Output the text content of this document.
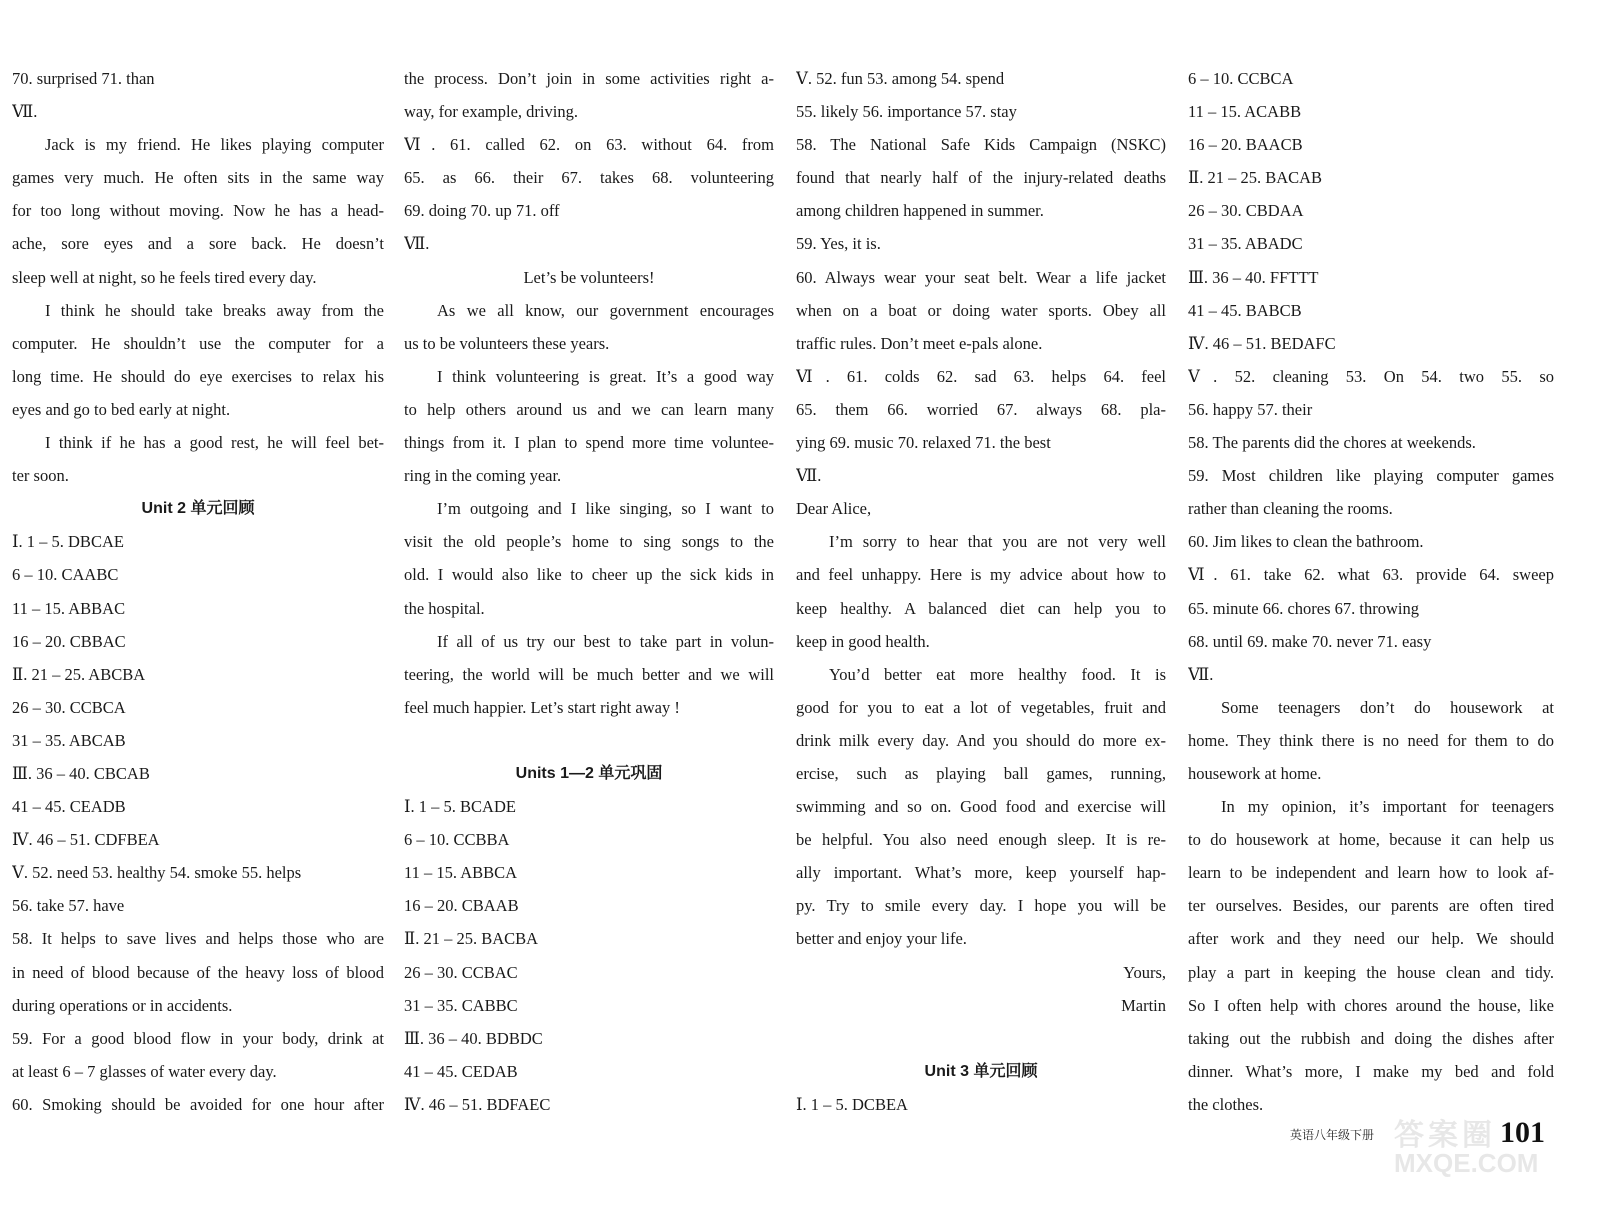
70. surprised 71. than
Ⅶ.
Jack is my friend. He likes playing computer
games very much. He often sits in the same way
for too long without moving. Now he has a head-
ache, sore eyes and a sore back. He doesn’t
sleep well at night, so he feels tired every day.
I think he should take breaks away from the
computer. He shouldn’t use the computer for a
long time. He should do eye exercises to relax his
eyes and go to bed early at night.
I think if he has a good rest, he will feel bet-
ter soon.
Unit 2 单元回顾
Ⅰ. 1 – 5. DBCAE
6 – 10. CAABC
11 – 15. ABBAC
16 – 20. CBBAC
Ⅱ. 21 – 25. ABCBA
26 – 30. CCBCA
31 – 35. ABCAB
Ⅲ. 36 – 40. CBCAB
41 – 45. CEADB
Ⅳ. 46 – 51. CDFBEA
Ⅴ. 52. need 53. healthy 54. smoke 55. helps
56. take 57. have
58. It helps to save lives and helps those who are
in need of blood because of the heavy loss of blood
during operations or in accidents.
59. For a good blood flow in your body, drink at
at least 6 – 7 glasses of water every day.
60. Smoking should be avoided for one hour after
the process. Don’t join in some activities right a-
way, for example, driving.
Ⅵ. 61. called 62. on 63. without 64. from
65. as 66. their 67. takes 68. volunteering
69. doing 70. up 71. off
Ⅶ.
Let’s be volunteers!
As we all know, our government encourages
us to be volunteers these years.
I think volunteering is great. It’s a good way
to help others around us and we can learn many
things from it. I plan to spend more time voluntee-
ring in the coming year.
I’m outgoing and I like singing, so I want to
visit the old people’s home to sing songs to the
old. I would also like to cheer up the sick kids in
the hospital.
If all of us try our best to take part in volun-
teering, the world will be much better and we will
feel much happier. Let’s start right away !
Units 1—2 单元巩固
Ⅰ. 1 – 5. BCADE
6 – 10. CCBBA
11 – 15. ABBCA
16 – 20. CBAAB
Ⅱ. 21 – 25. BACBA
26 – 30. CCBAC
31 – 35. CABBC
Ⅲ. 36 – 40. BDBDC
41 – 45. CEDAB
Ⅳ. 46 – 51. BDFAEC
Ⅴ. 52. fun 53. among 54. spend
55. likely 56. importance 57. stay
58. The National Safe Kids Campaign (NSKC)
found that nearly half of the injury-related deaths
among children happened in summer.
59. Yes, it is.
60. Always wear your seat belt. Wear a life jacket
when on a boat or doing water sports. Obey all
traffic rules. Don’t meet e-pals alone.
Ⅵ. 61. colds 62. sad 63. helps 64. feel
65. them 66. worried 67. always 68. pla-
ying 69. music 70. relaxed 71. the best
Ⅶ.
Dear Alice,
I’m sorry to hear that you are not very well
and feel unhappy. Here is my advice about how to
keep healthy. A balanced diet can help you to
keep in good health.
You’d better eat more healthy food. It is
good for you to eat a lot of vegetables, fruit and
drink milk every day. And you should do more ex-
ercise, such as playing ball games, running,
swimming and so on. Good food and exercise will
be helpful. You also need enough sleep. It is re-
ally important. What’s more, keep yourself hap-
py. Try to smile every day. I hope you will be
better and enjoy your life.
Yours,
Martin
Unit 3 单元回顾
Ⅰ. 1 – 5. DCBEA
6 – 10. CCBCA
11 – 15. ACABB
16 – 20. BAACB
Ⅱ. 21 – 25. BACAB
26 – 30. CBDAA
31 – 35. ABADC
Ⅲ. 36 – 40. FFTTT
41 – 45. BABCB
Ⅳ. 46 – 51. BEDAFC
Ⅴ. 52. cleaning 53. On 54. two 55. so
56. happy 57. their
58. The parents did the chores at weekends.
59. Most children like playing computer games
rather than cleaning the rooms.
60. Jim likes to clean the bathroom.
Ⅵ. 61. take 62. what 63. provide 64. sweep
65. minute 66. chores 67. throwing
68. until 69. make 70. never 71. easy
Ⅶ.
Some teenagers don’t do housework at
home. They think there is no need for them to do
housework at home.
In my opinion, it’s important for teenagers
to do housework at home, because it can help us
learn to be independent and learn how to look af-
ter ourselves. Besides, our parents are often tired
after work and they need our help. We should
play a part in keeping the house clean and tidy.
So I often help with chores around the house, like
taking out the rubbish and doing the dishes after
dinner. What’s more, I make my bed and fold
the clothes.
英语八年级下册	101
答案圈
MXQE.COM
